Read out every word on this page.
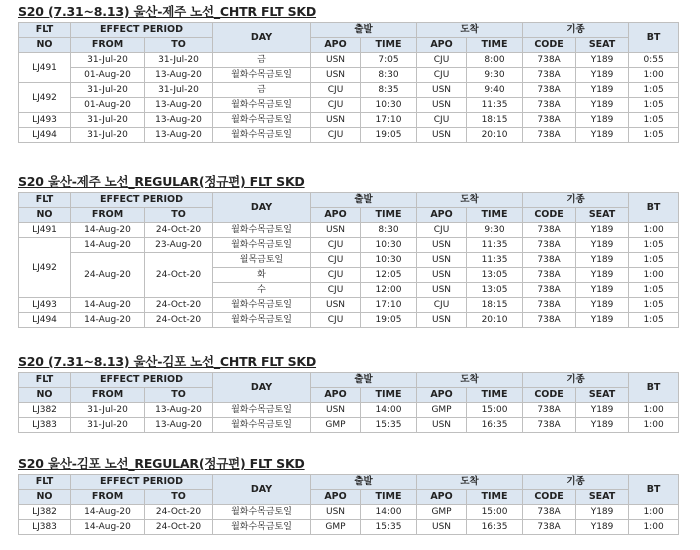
S20 (7.31~8.13) 울산-제주 노선_CHTR FLT SKD
FLT	EFFECT PERIOD		DAY	출발		도착		기종		BT
NO	FROM	TO		APO	TIME	APO	TIME	CODE	SEAT	
LJ491	31-Jul-20	31-Jul-20	금	USN	7:05	CJU	8:00	738A	Y189	0:55
	01-Aug-20	13-Aug-20	월화수목금토일	USN	8:30	CJU	9:30	738A	Y189	1:00
LJ492	31-Jul-20	31-Jul-20	금	CJU	8:35	USN	9:40	738A	Y189	1:05
	01-Aug-20	13-Aug-20	월화수목금토일	CJU	10:30	USN	11:35	738A	Y189	1:05
LJ493	31-Jul-20	13-Aug-20	월화수목금토일	USN	17:10	CJU	18:15	738A	Y189	1:05
LJ494	31-Jul-20	13-Aug-20	월화수목금토일	CJU	19:05	USN	20:10	738A	Y189	1:05
S20 울산-제주 노선_REGULAR(정규편) FLT SKD
FLT	EFFECT PERIOD		DAY	출발		도착		기종		BT
NO	FROM	TO		APO	TIME	APO	TIME	CODE	SEAT	
LJ491	14-Aug-20	24-Oct-20	월화수목금토일	USN	8:30	CJU	9:30	738A	Y189	1:00
LJ492	14-Aug-20	23-Aug-20	월화수목금토일	CJU	10:30	USN	11:35	738A	Y189	1:05
	24-Aug-20	24-Oct-20	월목금토일	CJU	10:30	USN	11:35	738A	Y189	1:05
			화	CJU	12:05	USN	13:05	738A	Y189	1:00
			수	CJU	12:00	USN	13:05	738A	Y189	1:05
LJ493	14-Aug-20	24-Oct-20	월화수목금토일	USN	17:10	CJU	18:15	738A	Y189	1:05
LJ494	14-Aug-20	24-Oct-20	월화수목금토일	CJU	19:05	USN	20:10	738A	Y189	1:05
S20 (7.31~8.13) 울산-김포 노선_CHTR FLT SKD
FLT	EFFECT PERIOD		DAY	출발		도착		기종		BT
NO	FROM	TO		APO	TIME	APO	TIME	CODE	SEAT	
LJ382	31-Jul-20	13-Aug-20	월화수목금토일	USN	14:00	GMP	15:00	738A	Y189	1:00
LJ383	31-Jul-20	13-Aug-20	월화수목금토일	GMP	15:35	USN	16:35	738A	Y189	1:00
S20 울산-김포 노선_REGULAR(정규편) FLT SKD
FLT	EFFECT PERIOD		DAY	출발		도착		기종		BT
NO	FROM	TO		APO	TIME	APO	TIME	CODE	SEAT	
LJ382	14-Aug-20	24-Oct-20	월화수목금토일	USN	14:00	GMP	15:00	738A	Y189	1:00
LJ383	14-Aug-20	24-Oct-20	월화수목금토일	GMP	15:35	USN	16:35	738A	Y189	1:00
